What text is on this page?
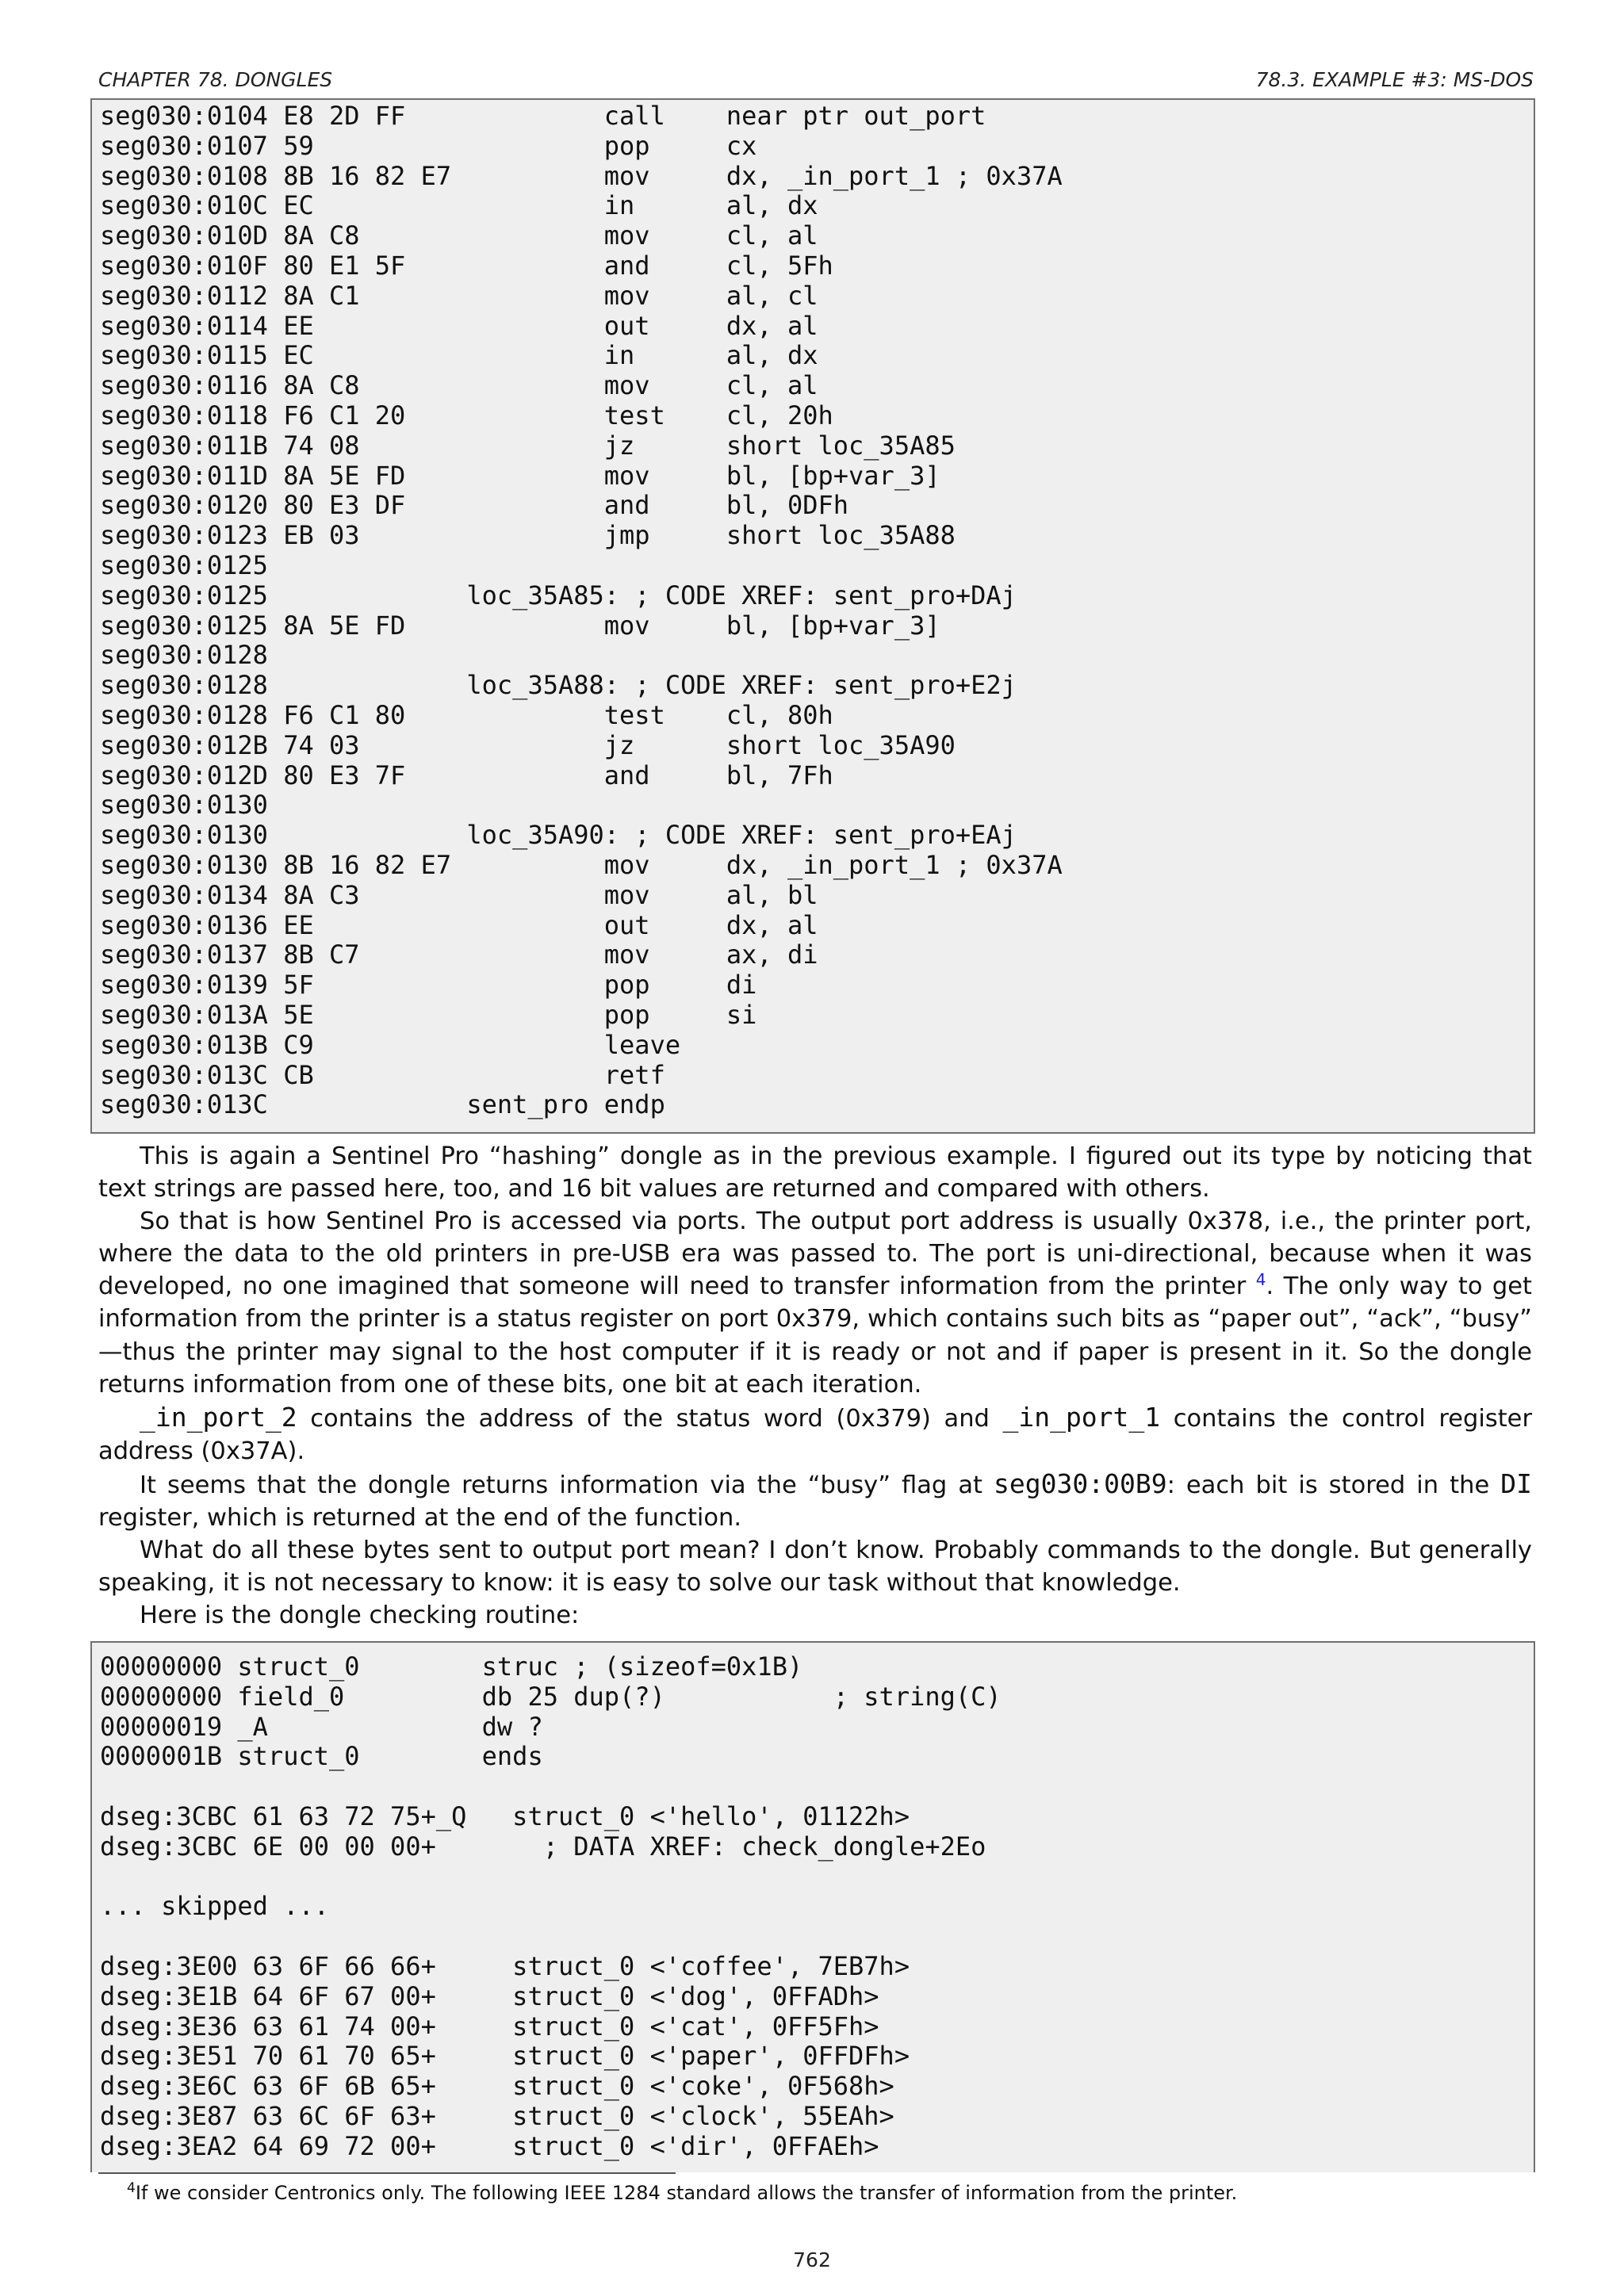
CHAPTER 78. DONGLES	78.3. EXAMPLE #3: MS-DOS
seg030:0104 E8 2D FF             call    near ptr out_port
seg030:0107 59                   pop     cx
seg030:0108 8B 16 82 E7          mov     dx, _in_port_1 ; 0x37A
seg030:010C EC                   in      al, dx
seg030:010D 8A C8                mov     cl, al
seg030:010F 80 E1 5F             and     cl, 5Fh
seg030:0112 8A C1                mov     al, cl
seg030:0114 EE                   out     dx, al
seg030:0115 EC                   in      al, dx
seg030:0116 8A C8                mov     cl, al
seg030:0118 F6 C1 20             test    cl, 20h
seg030:011B 74 08                jz      short loc_35A85
seg030:011D 8A 5E FD             mov     bl, [bp+var_3]
seg030:0120 80 E3 DF             and     bl, 0DFh
seg030:0123 EB 03                jmp     short loc_35A88
seg030:0125
seg030:0125             loc_35A85: ; CODE XREF: sent_pro+DAj
seg030:0125 8A 5E FD             mov     bl, [bp+var_3]
seg030:0128
seg030:0128             loc_35A88: ; CODE XREF: sent_pro+E2j
seg030:0128 F6 C1 80             test    cl, 80h
seg030:012B 74 03                jz      short loc_35A90
seg030:012D 80 E3 7F             and     bl, 7Fh
seg030:0130
seg030:0130             loc_35A90: ; CODE XREF: sent_pro+EAj
seg030:0130 8B 16 82 E7          mov     dx, _in_port_1 ; 0x37A
seg030:0134 8A C3                mov     al, bl
seg030:0136 EE                   out     dx, al
seg030:0137 8B C7                mov     ax, di
seg030:0139 5F                   pop     di
seg030:013A 5E                   pop     si
seg030:013B C9                   leave
seg030:013C CB                   retf
seg030:013C             sent_pro endp

This is again a Sentinel Pro “hashing” dongle as in the previous example. I figured out its type by noticing that text strings are passed here, too, and 16 bit values are returned and compared with others.

So that is how Sentinel Pro is accessed via ports. The output port address is usually 0x378, i.e., the printer port, where the data to the old printers in pre-USB era was passed to. The port is uni-directional, because when it was developed, no one imagined that someone will need to transfer information from the printer $^4$. The only way to get information from the printer is a status register on port 0x379, which contains such bits as “paper out”, “ack”, “busy” —thus the printer may signal to the host computer if it is ready or not and if paper is present in it. So the dongle returns information from one of these bits, one bit at each iteration.

_in_port_2 contains the address of the status word (0x379) and _in_port_1 contains the control register address (0x37A).

It seems that the dongle returns information via the “busy” flag at seg030:00B9: each bit is stored in the DI register, which is returned at the end of the function.

What do all these bytes sent to output port mean? I don’t know. Probably commands to the dongle. But generally speaking, it is not necessary to know: it is easy to solve our task without that knowledge.

Here is the dongle checking routine:

00000000 struct_0        struc ; (sizeof=0x1B)
00000000 field_0         db 25 dup(?)           ; string(C)
00000019 _A              dw ?
0000001B struct_0        ends
dseg:3CBC 61 63 72 75+_Q   struct_0 <'hello', 01122h>
dseg:3CBC 6E 00 00 00+       ; DATA XREF: check_dongle+2Eo
... skipped ...
dseg:3E00 63 6F 66 66+     struct_0 <'coffee', 7EB7h>
dseg:3E1B 64 6F 67 00+     struct_0 <'dog', 0FFADh>
dseg:3E36 63 61 74 00+     struct_0 <'cat', 0FF5Fh>
dseg:3E51 70 61 70 65+     struct_0 <'paper', 0FFDFh>
dseg:3E6C 63 6F 6B 65+     struct_0 <'coke', 0F568h>
dseg:3E87 63 6C 6F 63+     struct_0 <'clock', 55EAh>
dseg:3EA2 64 69 72 00+     struct_0 <'dir', 0FFAEh>
$^4$If we consider Centronics only. The following IEEE 1284 standard allows the transfer of information from the printer.
762
